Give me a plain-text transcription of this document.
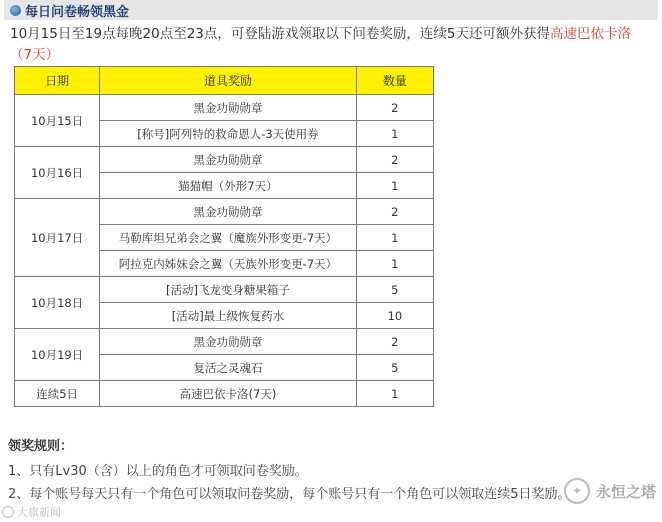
每日问卷畅领黑金
10月15日至19点每晚20点至23点，可登陆游戏领取以下问卷奖励，连续5天还可额外获得高速巴依卡洛（7天）
日期	道具奖励	数量
10月15日	黑金功勋勋章	2
	[称号]阿列特的救命恩人-3天使用券	1
10月16日	黑金功勋勋章	2
	猫猫帽（外形7天）	1
10月17日	黑金功勋勋章	2
	马勒库坦兄弟会之翼（魔族外形变更-7天）	1
	阿拉克内姊妹会之翼（天族外形变更-7天）	1
10月18日	[活动]飞龙变身糖果箱子	5
	[活动]最上级恢复药水	10
10月19日	黑金功勋勋章	2
	复活之灵魂石	5
连续5日	高速巴依卡洛(7天)	1
领奖规则：
1、只有Lv30（含）以上的角色才可领取问卷奖励。
2、每个账号每天只有一个角色可以领取问卷奖励，每个账号只有一个角色可以领取连续5日奖励。 ✦ 永恒之塔
大旗新闻
